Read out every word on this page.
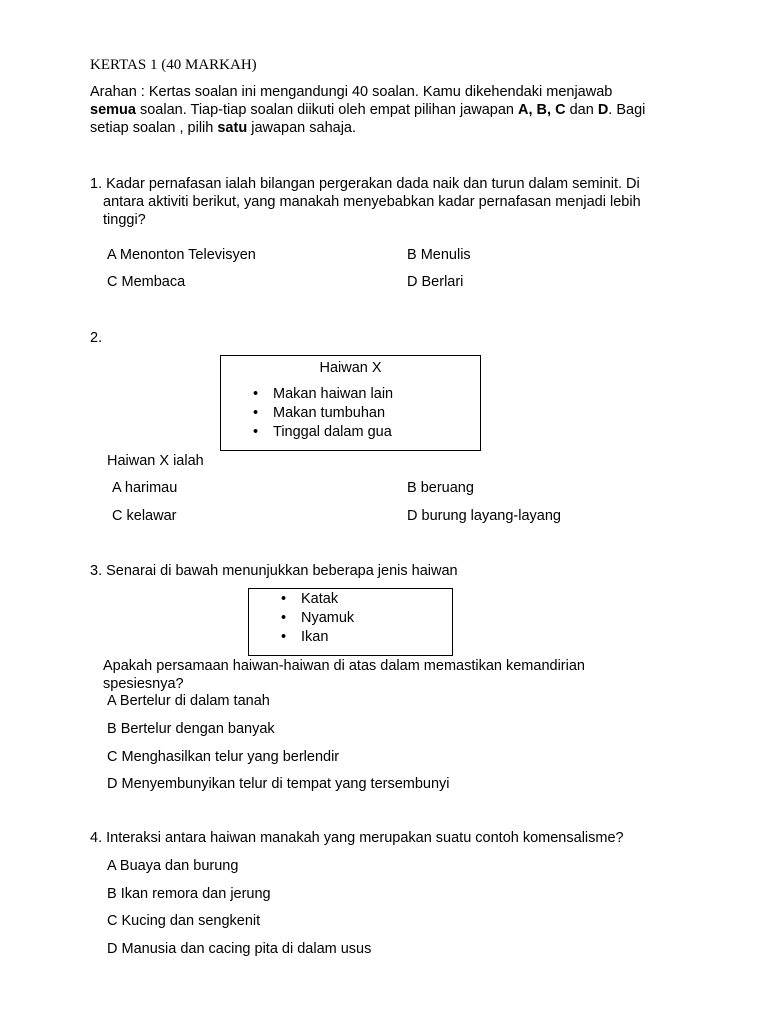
KERTAS 1 (40 MARKAH)
Arahan : Kertas soalan ini mengandungi 40 soalan. Kamu dikehendaki menjawab
semua soalan. Tiap-tiap soalan diikuti oleh empat pilihan jawapan A, B, C dan D. Bagi
setiap soalan , pilih satu jawapan sahaja.
1. Kadar pernafasan ialah bilangan pergerakan dada naik dan turun dalam seminit. Di
antara aktiviti berikut, yang manakah menyebabkan kadar pernafasan menjadi lebih
tinggi?
A Menonton Televisyen	B Menulis
C Membaca	D Berlari
2.
Haiwan X
• Makan haiwan lain
• Makan tumbuhan
• Tinggal dalam gua
Haiwan X ialah
A harimau	B beruang
C kelawar	D burung layang-layang
3. Senarai di bawah menunjukkan beberapa jenis haiwan
• Katak
• Nyamuk
• Ikan
Apakah persamaan haiwan-haiwan di atas dalam memastikan kemandirian
spesiesnya?
A Bertelur di dalam tanah
B Bertelur dengan banyak
C Menghasilkan telur yang berlendir
D Menyembunyikan telur di tempat yang tersembunyi
4. Interaksi antara haiwan manakah yang merupakan suatu contoh komensalisme?
A Buaya dan burung
B Ikan remora dan jerung
C Kucing dan sengkenit
D Manusia dan cacing pita di dalam usus
